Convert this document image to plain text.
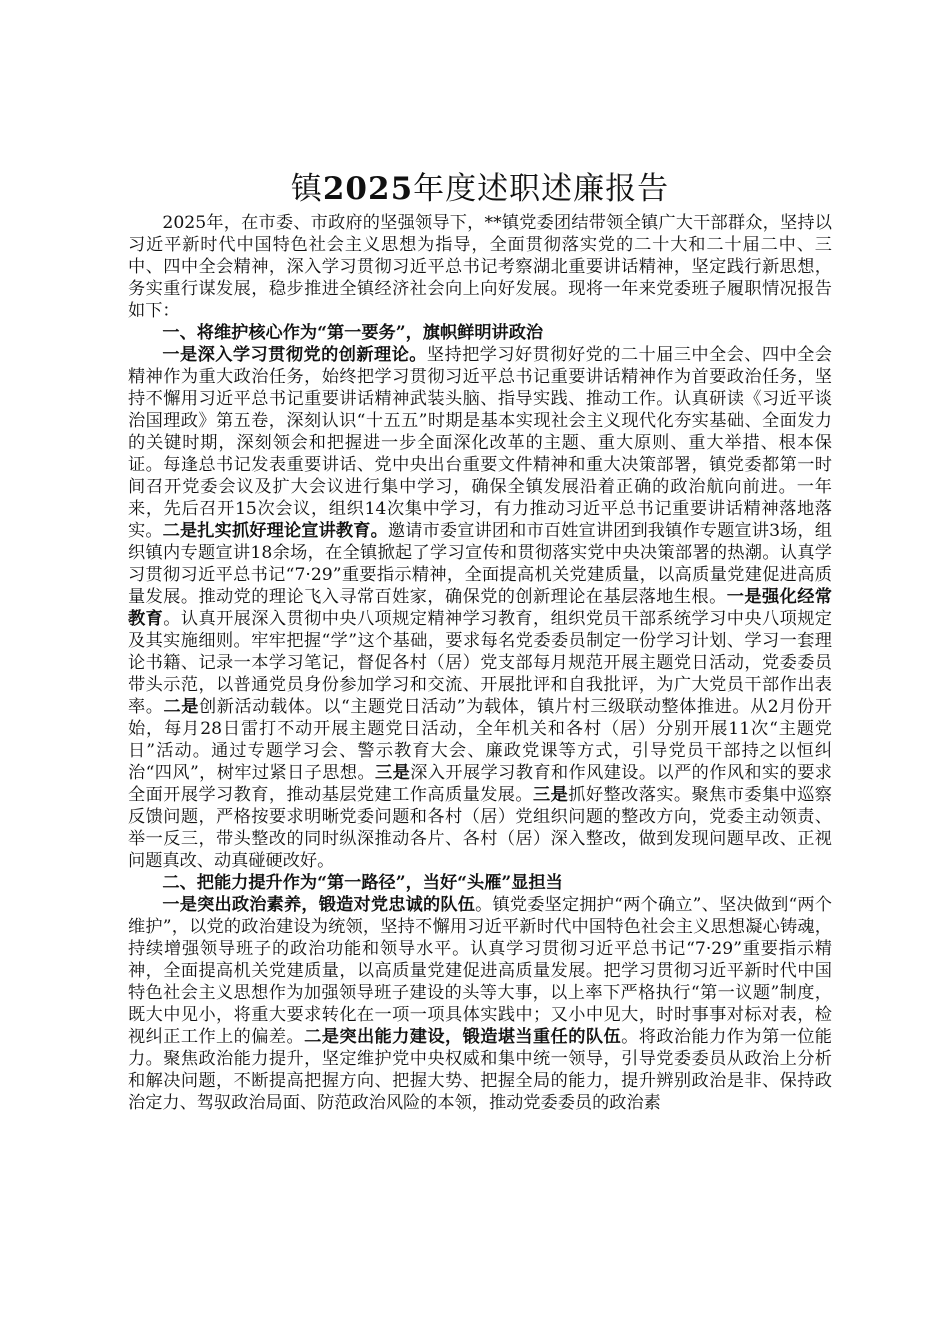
镇2025年度述职述廉报告

2025年，在市委、市政府的坚强领导下，**镇党委团结带领全镇广大干部群众，坚持以习近平新时代中国特色社会主义思想为指导，全面贯彻落实党的二十大和二十届二中、三中、四中全会精神，深入学习贯彻习近平总书记考察湖北重要讲话精神，坚定践行新思想，务实重行谋发展，稳步推进全镇经济社会向上向好发展。现将一年来党委班子履职情况报告如下：

一、将维护核心作为“第一要务”，旗帜鲜明讲政治

一是深入学习贯彻党的创新理论。坚持把学习好贯彻好党的二十届三中全会、四中全会精神作为重大政治任务，始终把学习贯彻习近平总书记重要讲话精神作为首要政治任务，坚持不懈用习近平总书记重要讲话精神武装头脑、指导实践、推动工作。认真研读《习近平谈治国理政》第五卷，深刻认识“十五五”时期是基本实现社会主义现代化夯实基础、全面发力的关键时期，深刻领会和把握进一步全面深化改革的主题、重大原则、重大举措、根本保证。每逢总书记发表重要讲话、党中央出台重要文件精神和重大决策部署，镇党委都第一时间召开党委会议及扩大会议进行集中学习，确保全镇发展沿着正确的政治航向前进。一年来，先后召开15次会议，组织14次集中学习，有力推动习近平总书记重要讲话精神落地落实。二是扎实抓好理论宣讲教育。邀请市委宣讲团和市百姓宣讲团到我镇作专题宣讲3场，组织镇内专题宣讲18余场，在全镇掀起了学习宣传和贯彻落实党中央决策部署的热潮。认真学习贯彻习近平总书记“7·29”重要指示精神，全面提高机关党建质量，以高质量党建促进高质量发展。推动党的理论飞入寻常百姓家，确保党的创新理论在基层落地生根。一是强化经常教育。认真开展深入贯彻中央八项规定精神学习教育，组织党员干部系统学习中央八项规定及其实施细则。牢牢把握“学”这个基础，要求每名党委委员制定一份学习计划、学习一套理论书籍、记录一本学习笔记，督促各村（居）党支部每月规范开展主题党日活动，党委委员带头示范，以普通党员身份参加学习和交流、开展批评和自我批评，为广大党员干部作出表率。二是创新活动载体。以“主题党日活动”为载体，镇片村三级联动整体推进。从2月份开始，每月28日雷打不动开展主题党日活动，全年机关和各村（居）分别开展11次“主题党日”活动。通过专题学习会、警示教育大会、廉政党课等方式，引导党员干部持之以恒纠治“四风”，树牢过紧日子思想。三是深入开展学习教育和作风建设。以严的作风和实的要求全面开展学习教育，推动基层党建工作高质量发展。三是抓好整改落实。聚焦市委集中巡察反馈问题，严格按要求明晰党委问题和各村（居）党组织问题的整改方向，党委主动领责、举一反三，带头整改的同时纵深推动各片、各村（居）深入整改，做到发现问题早改、正视问题真改、动真碰硬改好。

二、把能力提升作为“第一路径”，当好“头雁”显担当

一是突出政治素养，锻造对党忠诚的队伍。镇党委坚定拥护“两个确立”、坚决做到“两个维护”，以党的政治建设为统领，坚持不懈用习近平新时代中国特色社会主义思想凝心铸魂，持续增强领导班子的政治功能和领导水平。认真学习贯彻习近平总书记“7·29”重要指示精神，全面提高机关党建质量，以高质量党建促进高质量发展。把学习贯彻习近平新时代中国特色社会主义思想作为加强领导班子建设的头等大事，以上率下严格执行“第一议题”制度，既大中见小，将重大要求转化在一项一项具体实践中；又小中见大，时时事事对标对表，检视纠正工作上的偏差。二是突出能力建设，锻造堪当重任的队伍。将政治能力作为第一位能力。聚焦政治能力提升，坚定维护党中央权威和集中统一领导，引导党委委员从政治上分析和解决问题，不断提高把握方向、把握大势、把握全局的能力，提升辨别政治是非、保持政治定力、驾驭政治局面、防范政治风险的本领，推动党委委员的政治素
